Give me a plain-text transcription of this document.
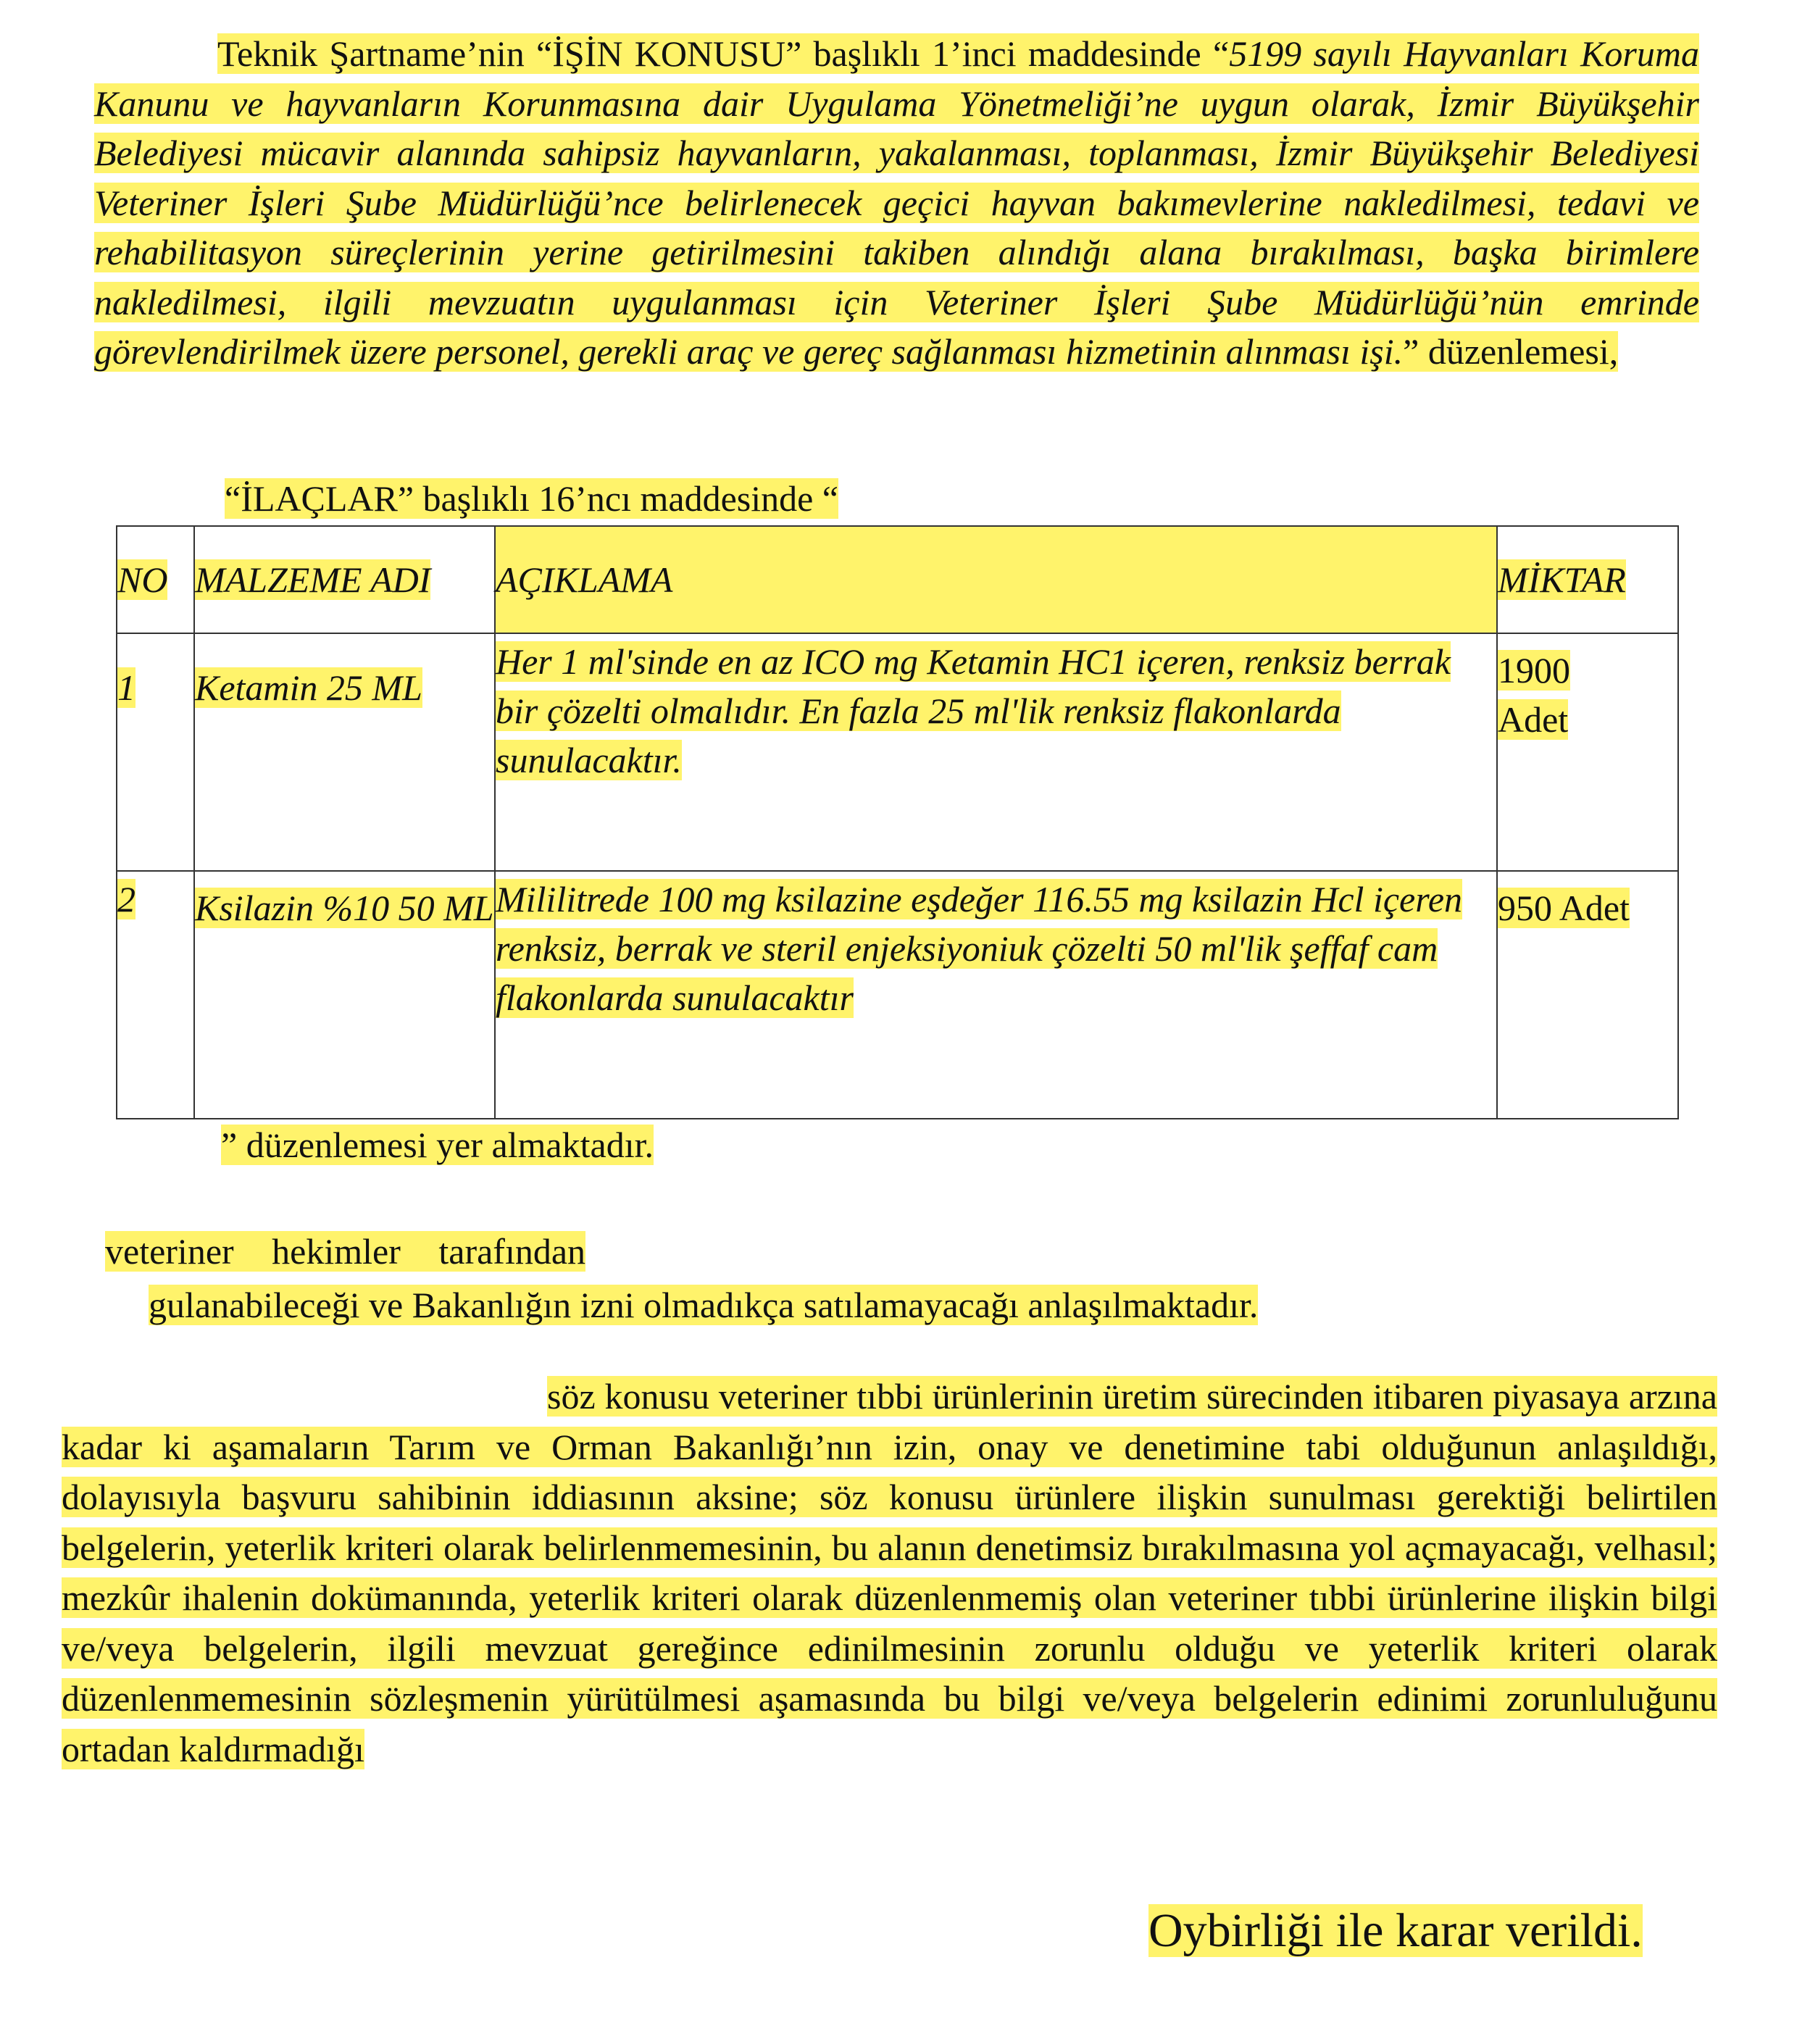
Teknik Şartname’nin “İŞİN KONUSU” başlıklı 1’inci maddesinde “5199 sayılı Hayvanları Koruma Kanunu ve hayvanların Korunmasına dair Uygulama Yönetmeliği’ne uygun olarak, İzmir Büyükşehir Belediyesi mücavir alanında sahipsiz hayvanların, yakalanması, toplanması, İzmir Büyükşehir Belediyesi Veteriner İşleri Şube Müdürlüğü’nce belirlenecek geçici hayvan bakımevlerine nakledilmesi, tedavi ve rehabilitasyon süreçlerinin yerine getirilmesini takiben alındığı alana bırakılması, başka birimlere nakledilmesi, ilgili mevzuatın uygulanması için Veteriner İşleri Şube Müdürlüğü’nün emrinde görevlendirilmek üzere personel, gerekli araç ve gereç sağlanması hizmetinin alınması işi.” düzenlemesi,
“İLAÇLAR” başlıklı 16’ncı maddesinde “
NO	MALZEME ADI	AÇIKLAMA	MİKTAR
1	Ketamin 25 ML	Her 1 ml'sinde en az ICO mg Ketamin HC1 içeren, renksiz berrak bir çözelti olmalıdır. En fazla 25 ml'lik renksiz flakonlarda sunulacaktır.	1900
Adet
2	Ksilazin %10 50 ML	Mililitrede 100 mg ksilazine eşdeğer 116.55 mg ksilazin Hcl içeren renksiz, berrak ve steril enjeksiyoniuk çözelti 50 ml'lik şeffaf cam flakonlarda sunulacaktır	950 Adet
” düzenlemesi yer almaktadır.
veteriner hekimler tarafından
gulanabileceği ve Bakanlığın izni olmadıkça satılamayacağı anlaşılmaktadır.
söz konusu veteriner tıbbi ürünlerinin üretim sürecinden itibaren piyasaya arzına kadar ki aşamaların Tarım ve Orman Bakanlığı’nın izin, onay ve denetimine tabi olduğunun anlaşıldığı, dolayısıyla başvuru sahibinin iddiasının aksine; söz konusu ürünlere ilişkin sunulması gerektiği belirtilen belgelerin, yeterlik kriteri olarak belirlenmemesinin, bu alanın denetimsiz bırakılmasına yol açmayacağı, velhasıl; mezkûr ihalenin dokümanında, yeterlik kriteri olarak düzenlenmemiş olan veteriner tıbbi ürünlerine ilişkin bilgi ve/veya belgelerin, ilgili mevzuat gereğince edinilmesinin zorunlu olduğu ve yeterlik kriteri olarak düzenlenmemesinin sözleşmenin yürütülmesi aşamasında bu bilgi ve/veya belgelerin edinimi zorunluluğunu ortadan kaldırmadığı
Oybirliği ile karar verildi.
